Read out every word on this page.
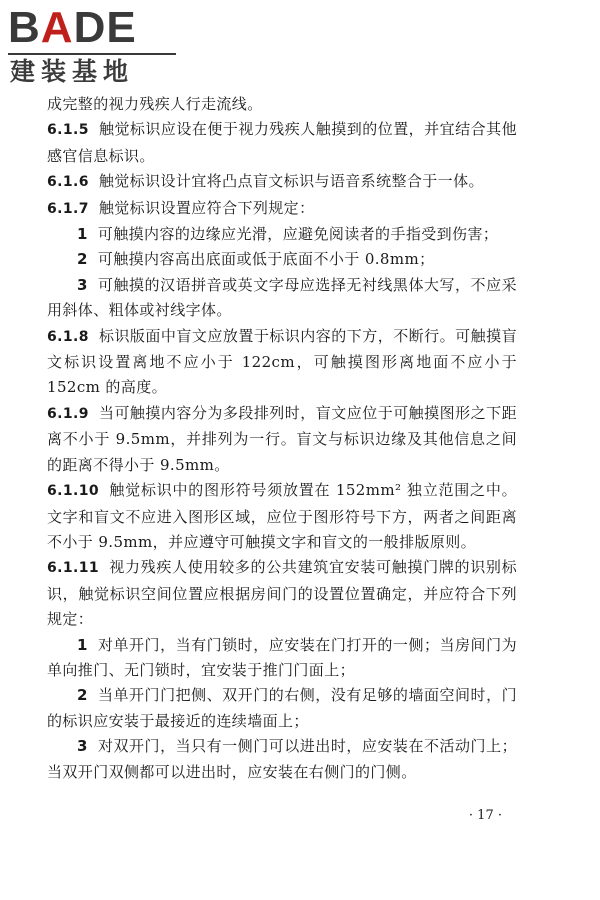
BADE
建装基地

成完整的视力残疾人行走流线。

6.1.5 触觉标识应设在便于视力残疾人触摸到的位置，并宜结合其他感官信息标识。

6.1.6 触觉标识设计宜将凸点盲文标识与语音系统整合于一体。

6.1.7 触觉标识设置应符合下列规定：

1 可触摸内容的边缘应光滑，应避免阅读者的手指受到伤害；

2 可触摸内容高出底面或低于底面不小于 0.8mm；

3 可触摸的汉语拼音或英文字母应选择无衬线黑体大写，不应采用斜体、粗体或衬线字体。

6.1.8 标识版面中盲文应放置于标识内容的下方，不断行。可触摸盲文标识设置离地不应小于 122cm，可触摸图形离地面不应小于 152cm 的高度。

6.1.9 当可触摸内容分为多段排列时，盲文应位于可触摸图形之下距离不小于 9.5mm，并排列为一行。盲文与标识边缘及其他信息之间的距离不得小于 9.5mm。

6.1.10 触觉标识中的图形符号须放置在 152mm² 独立范围之中。文字和盲文不应进入图形区域，应位于图形符号下方，两者之间距离不小于 9.5mm，并应遵守可触摸文字和盲文的一般排版原则。

6.1.11 视力残疾人使用较多的公共建筑宜安装可触摸门牌的识别标识，触觉标识空间位置应根据房间门的设置位置确定，并应符合下列规定：

1 对单开门，当有门锁时，应安装在门打开的一侧；当房间门为单向推门、无门锁时，宜安装于推门门面上；

2 当单开门门把侧、双开门的右侧，没有足够的墙面空间时，门的标识应安装于最接近的连续墙面上；

3 对双开门，当只有一侧门可以进出时，应安装在不活动门上；当双开门双侧都可以进出时，应安装在右侧门的门侧。

· 17 ·
